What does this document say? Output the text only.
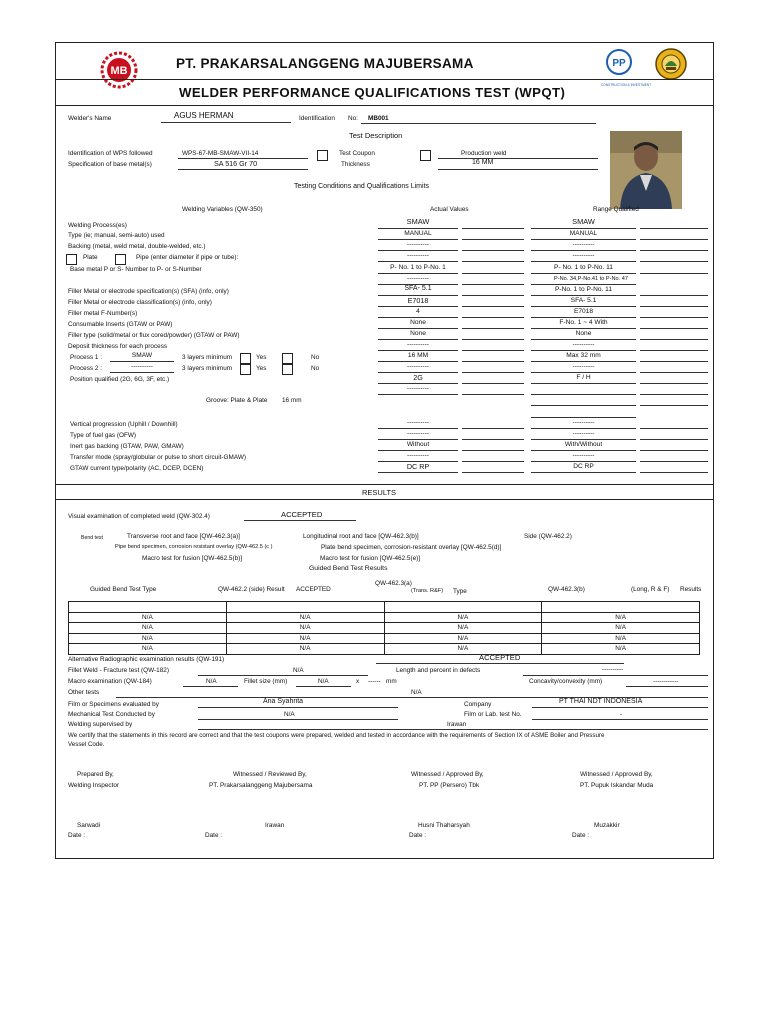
MB	PT. PRAKARSALANGGENG MAJUBERSAMA	PP
CONSTRUCTION & INVESTMENT
WELDER PERFORMANCE QUALIFICATIONS TEST (WPQT)
Welder's Name	AGUS HERMAN	Identification No: MB001
Test Description
Identification of WPS followed	WPS-67-MB-SMAW-VII-14	Test Coupon	Production weld
Specification of base metal(s)	SA 516 Gr 70	Thickness	16 MM
Testing Conditions and Qualifications Limits
Welding Variables (QW-350)	Actual Values	Range Qualified
Welding Process(es)	SMAW	SMAW
Type (ie; manual, semi-auto) used	MANUAL	MANUAL
Backing (metal, weld metal, double-welded, etc.)	----------	----------
Plate	Pipe (enter diameter if pipe or tube):	----------	----------
Base metal P or S- Number to P- or S-Number	P- No. 1 to P-No. 1	P- No. 1 to P-No. 11
----------	P-No. 34,P-No.41 to P-No. 47
Filler Metal or electrode specification(s) (SFA) (info, only)	SFA- 5.1	P-No. 1 to P-No. 11
Filler Metal or electrode classification(s) (info, only)	E7018	SFA- 5.1
Filler metal F-Number(s)	4	E7018
Consumable Inserts (GTAW or PAW)	None	F-No. 1 ~ 4 With
Filler type (solid/metal or flux cored/powder) (GTAW or PAW)	None	None
Deposit thickness for each process	----------	----------
Process 1 :	SMAW	3 layers minimum	Yes	No	16 MM	Max 32 mm
Process 2 :	----------	3 layers minimum	Yes	No	----------	----------
Position qualified (2G, 6G, 3F, etc.)	2G	F / H
----------
Groove: Plate & Plate 16 mm
Vertical progression (Uphill / Downhill)	----------	----------
Type of fuel gas (OFW)	----------	----------
Inert gas backing (GTAW, PAW, GMAW)	Without	With/Without
Transfer mode (spray/globular or pulse to short circuit-GMAW)	----------	----------
GTAW current type/polarity (AC, DCEP, DCEN)	DC RP	DC RP
RESULTS
Visual examination of completed weld (QW-302.4)	ACCEPTED
Bend test	Transverse root and face [QW-462.3(a)]	Longitudinal root and face [QW-462.3(b)]	Side (QW-462.2)
Pipe bend specimen, corrosion resistant overlay (QW-462.5 (c )	Plate bend specimen, corrosion-resistant overlay [QW-462.5(d)]
Macro test for fusion [QW-462.5(b)]	Macro test for fusion [QW-462.5(e)]
Guided Bend Test Results
Guided Bend Test Type	QW-462.2 (side) Result ACCEPTED
QW-462.3(a)
(Trans. R&F) Type	QW-462.3(b)	(Long, R & F) Results

N/A	N/A	N/A	N/A
N/A	N/A	N/A	N/A
N/A	N/A	N/A	N/A
N/A	N/A	N/A	N/A
Alternative Radiographic examination results (QW-191)	ACCEPTED
Fillet Weld - Fracture test (QW-182)	N/A	Length and percent in defects	----------
Macro examination (QW-184)	N/A	Fillet size (mm)	N/A	x ------ mm	Concavity/convexity (mm)	------------
Other tests	N/A
Film or Specimens evaluated by	Aria Syahrita	Company	PT THAI NDT INDONESIA
Mechanical Test Conducted by	N/A	Film or Lab. test No.	-
Welding supervised by	Irawan
We certify that the statements in this record are correct and that the test coupons were prepared, welded and tested in accordance with the requirements of Section IX of ASME Boiler and Pressure
Vessel Code.
Prepared By,
Welding Inspector
Sarwadi
Date :
Witnessed / Reviewed By,
PT. Prakarsalanggeng Majubersama
Irawan
Date :
Witnessed / Approved By,
PT. PP (Persero) Tbk
Husni Thaharsyah
Date :
Witnessed / Approved By,
PT. Pupuk Iskandar Muda
Muzakkir
Date :
